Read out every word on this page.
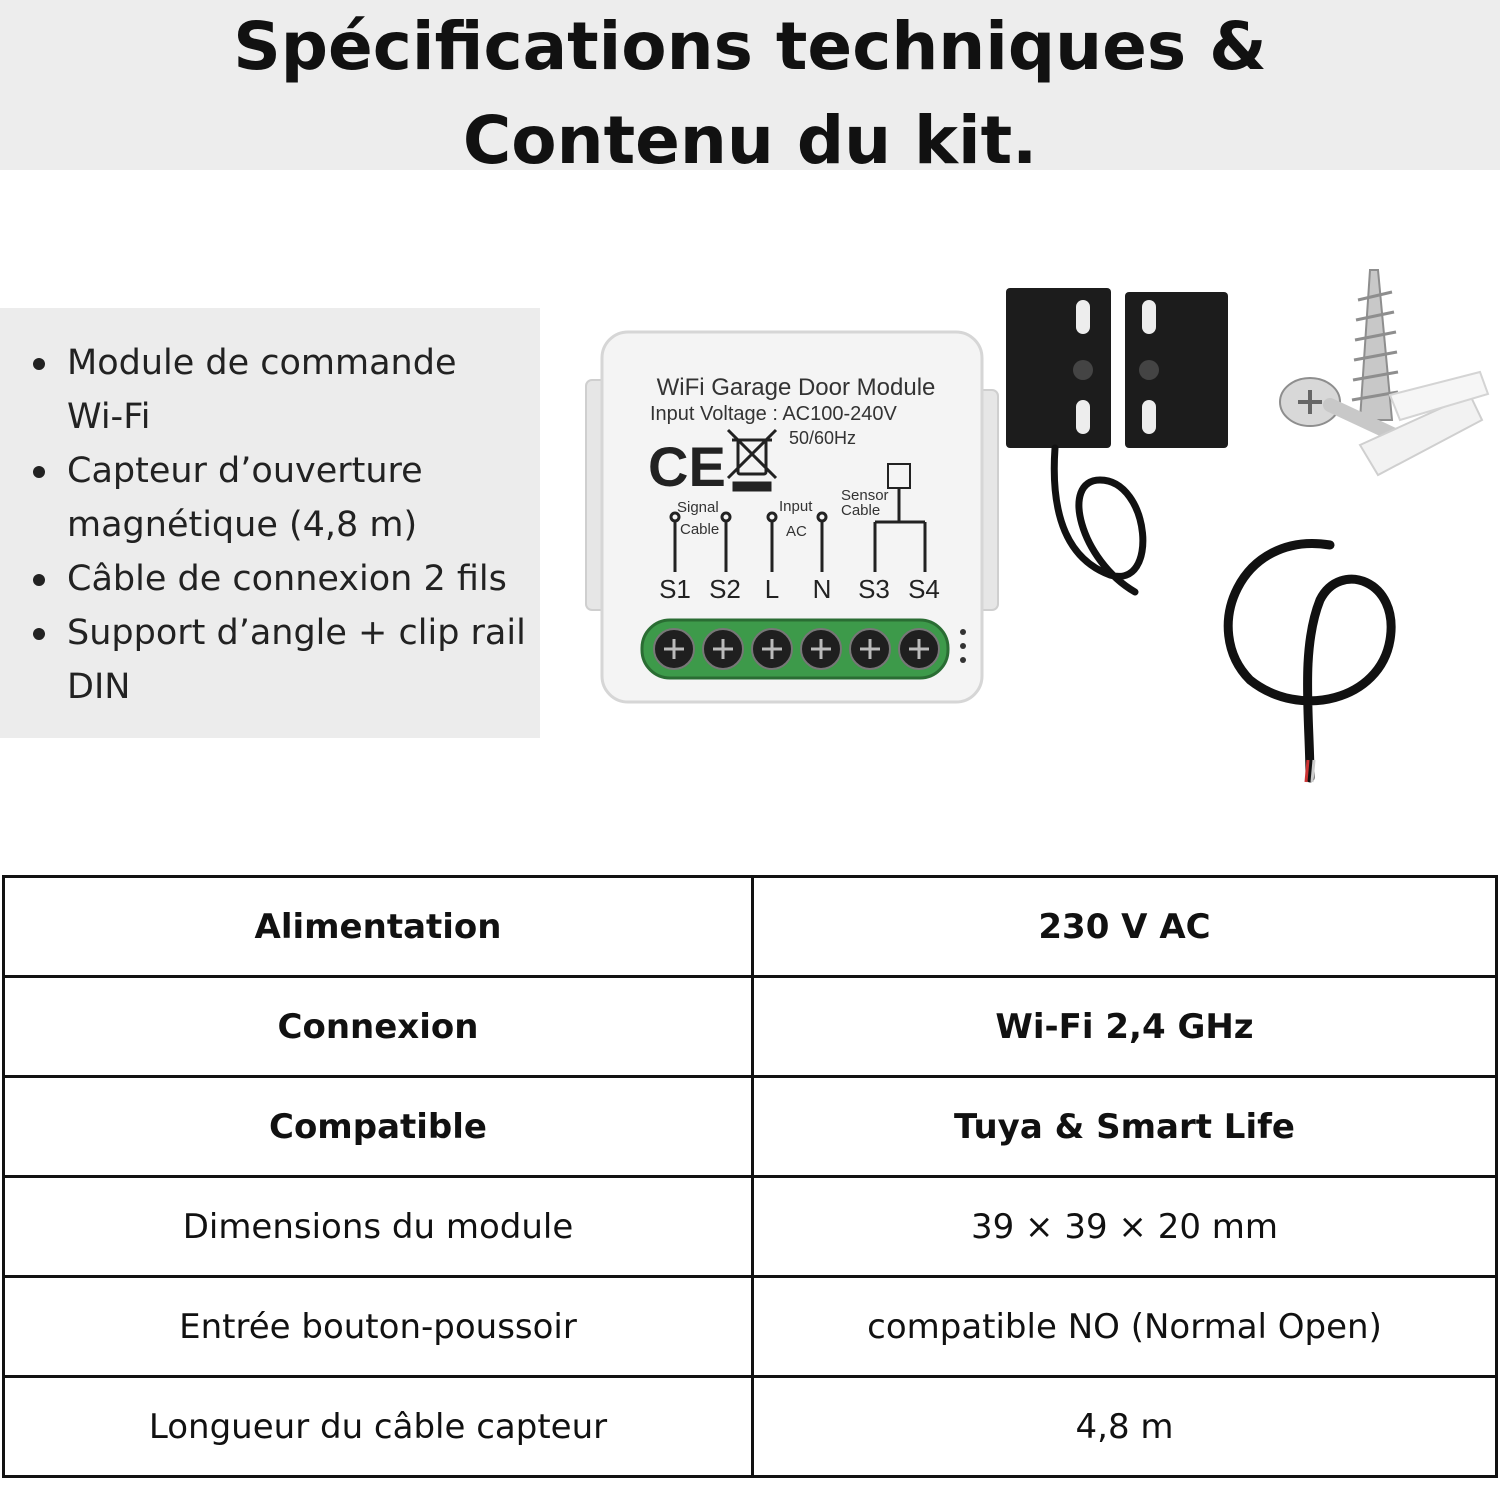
Spécifications techniques &
Contenu du kit.
Module de commande
Wi-Fi
Capteur d’ouverture
magnétique (4,8 m)
Câble de connexion 2 fils
Support d’angle + clip rail
DIN
WiFi Garage Door Module
Input Voltage : AC100-240V
50/60Hz
CE
Signal
Cable
Input
AC
Sensor
Cable
S1 S2 L N S3 S4
Alimentation	230 V AC
Connexion	Wi-Fi 2,4 GHz
Compatible	Tuya & Smart Life
Dimensions du module	39 × 39 × 20 mm
Entrée bouton-poussoir	compatible NO (Normal Open)
Longueur du câble capteur	4,8 m
